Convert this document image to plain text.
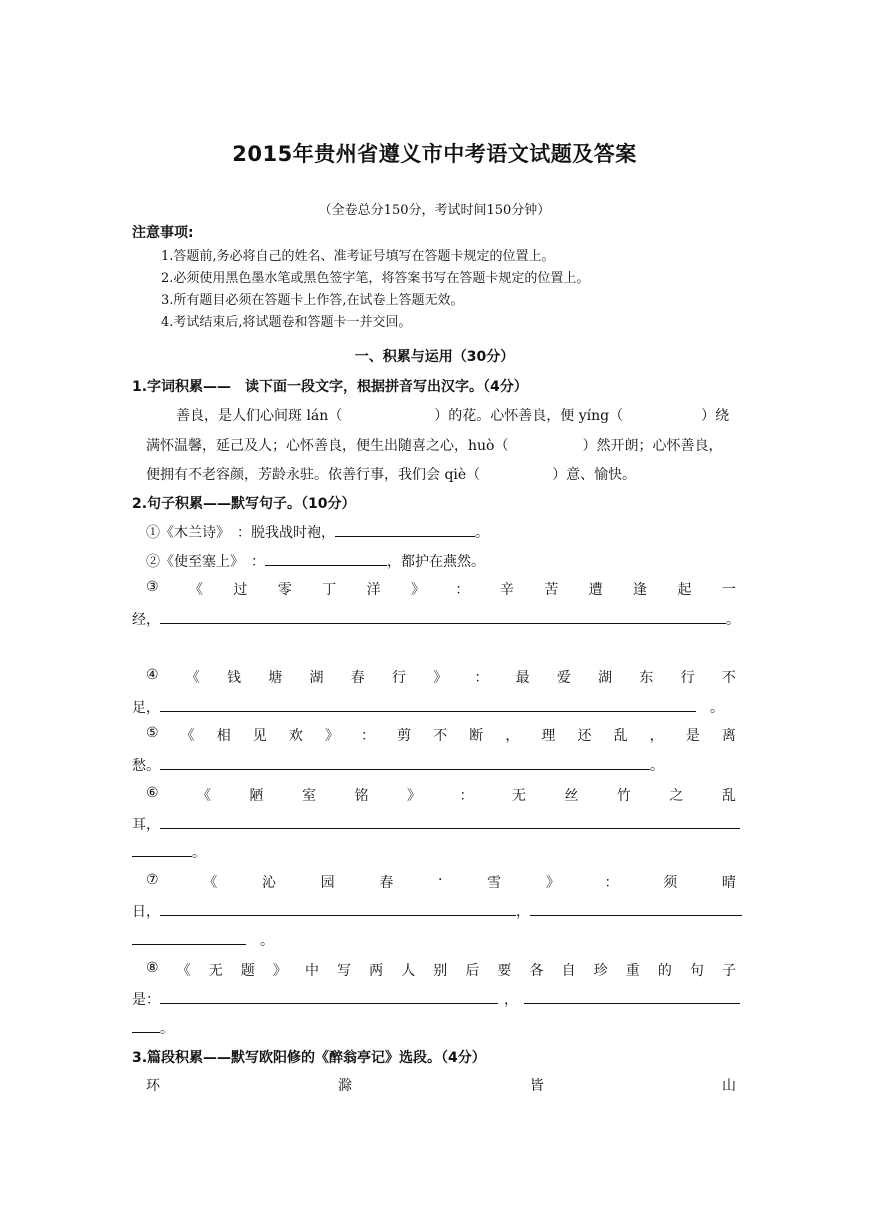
2015年贵州省遵义市中考语文试题及答案
（全卷总分150分，考试时间150分钟）
注意事项:
1.答题前,务必将自己的姓名、准考证号填写在答题卡规定的位置上。
2.必须使用黑色墨水笔或黑色签字笔，将答案书写在答题卡规定的位置上。
3.所有题目必须在答题卡上作答,在试卷上答题无效。
4.考试结束后,将试题卷和答题卡一并交回。
一、积累与运用（30分）
1.字词积累——　读下面一段文字，根据拼音写出汉字。（4分）
善良，是人们心间斑 lán（	）的花。心怀善良，便 yíng（	）绕
满怀温馨，延己及人；心怀善良，便生出随喜之心，huò（	）然开朗；心怀善良，
便拥有不老容颜，芳龄永驻。依善行事，我们会 qiè（	）意、愉快。
2.句子积累——默写句子。（10分）
①《木兰诗》　：脱我战时袍，	。
②《使至塞上》　：	，都护在燕然。
③ 《 过 零 丁 洋 》 ： 辛 苦 遭 逢 起 一
经，	。
④ 《 钱 塘 湖 春 行 》 ： 最 爱 湖 东 行 不
足，	。
⑤ 《 相 见 欢 》 ： 剪 不 断 ， 理 还 乱 ， 是 离
愁。	。
⑥	《	陋	室	铭	》	：	无	丝	竹	之	乱
耳，
。
⑦	《	沁	园	春	·	雪	》	：	须	晴
日，	，
。
⑧ 《 无 题 》 中 写 两 人 别 后 要 各 自 珍 重 的 句 子
是：	，
。
3.篇段积累——默写欧阳修的《醉翁亭记》选段。（4分）
环	滁	皆	山
